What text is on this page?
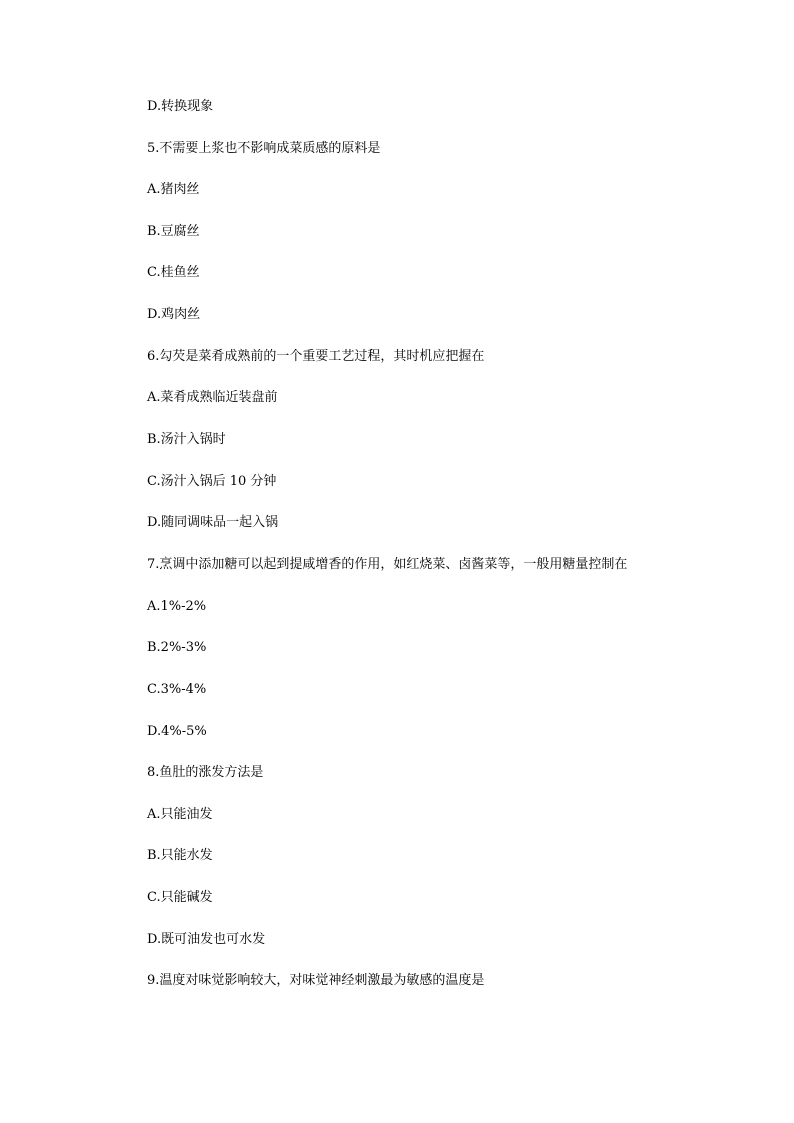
D.转换现象
5.不需要上浆也不影响成菜质感的原料是
A.猪肉丝
B.豆腐丝
C.桂鱼丝
D.鸡肉丝
6.勾芡是菜肴成熟前的一个重要工艺过程，其时机应把握在
A.菜肴成熟临近装盘前
B.汤汁入锅时
C.汤汁入锅后 10 分钟
D.随同调味品一起入锅
7.烹调中添加糖可以起到提咸增香的作用，如红烧菜、卤酱菜等，一般用糖量控制在
A.1%-2%
B.2%-3%
C.3%-4%
D.4%-5%
8.鱼肚的涨发方法是
A.只能油发
B.只能水发
C.只能碱发
D.既可油发也可水发
9.温度对味觉影响较大，对味觉神经刺激最为敏感的温度是
